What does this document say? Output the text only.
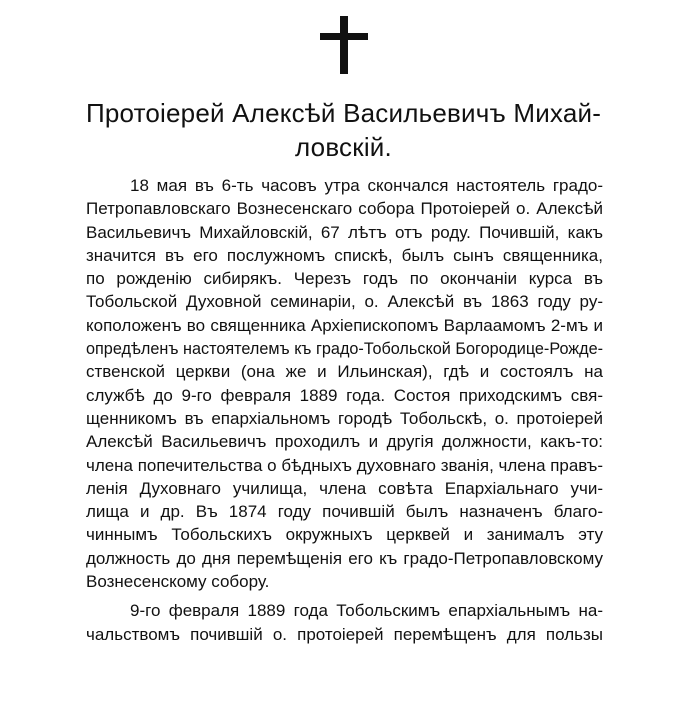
Протоіерей Алексѣй Васильевичъ Михай-
ловскій.
18 мая въ 6-ть часовъ утра скончался настоятель градо-
Петропавловскаго Вознесенскаго собора Протоіерей о. Алексѣй
Васильевичъ Михайловскій, 67 лѣтъ отъ роду. Почившій, какъ
значится въ его послужномъ спискѣ, былъ сынъ священника,
по рожденію сибирякъ. Черезъ годъ по окончаніи курса въ
Тобольской Духовной семинаріи, о. Алексѣй въ 1863 году ру-
коположенъ во священника Архіепископомъ Варлаамомъ 2-мъ и
опредѣленъ настоятелемъ къ градо-Тобольской Богородице-Рожде-
ственской церкви (она же и Ильинская), гдѣ и состоялъ на
службѣ до 9-го февраля 1889 года. Состоя приходскимъ свя-
щенникомъ въ епархіальномъ городѣ Тобольскѣ, о. протоіерей
Алексѣй Васильевичъ проходилъ и другія должности, какъ-то:
члена попечительства о бѣдныхъ духовнаго званія, члена правъ-
ленія Духовнаго училища, члена совѣта Епархіальнаго учи-
лища и др. Въ 1874 году почившій былъ назначенъ благо-
чиннымъ Тобольскихъ окружныхъ церквей и занималъ эту
должность до дня перемѣщенія его къ градо-Петропавловскому
Вознесенскому собору.
9-го февраля 1889 года Тобольскимъ епархіальнымъ на-
чальствомъ почившій о. протоіерей перемѣщенъ для пользы
